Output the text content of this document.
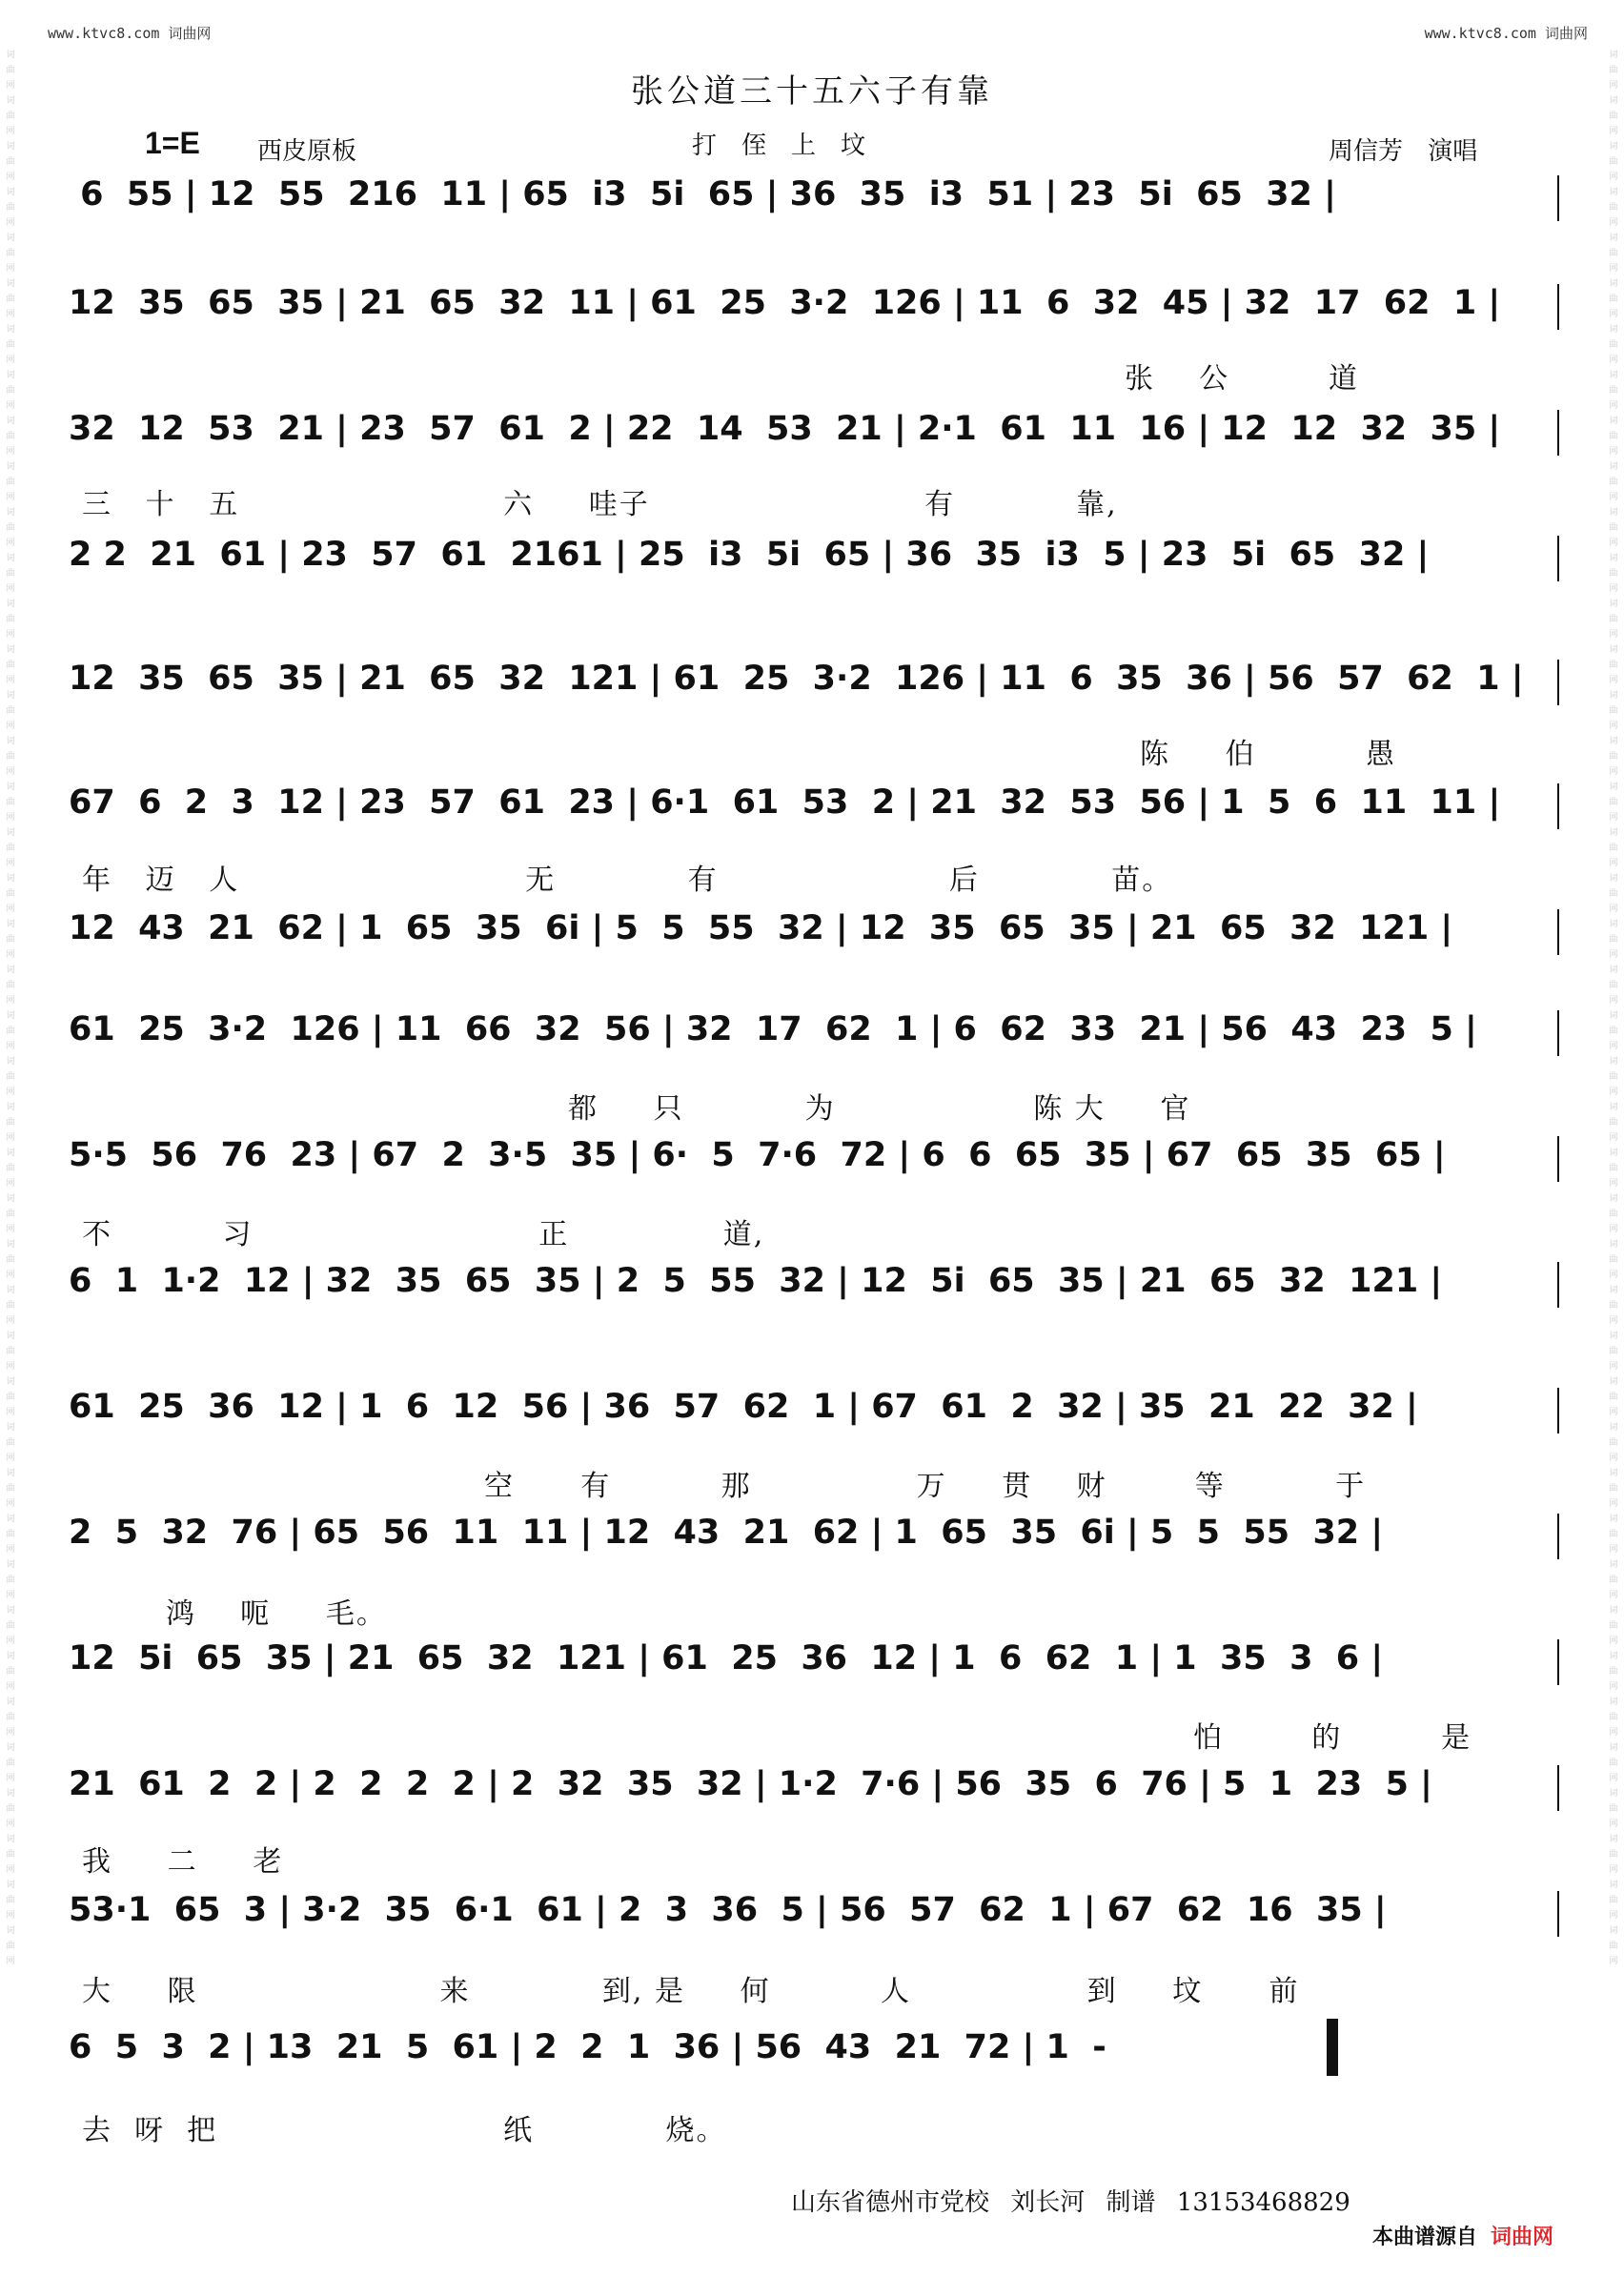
www.ktvc8.com 词曲网	www.ktvc8.com 词曲网
词曲网词曲网词曲网词曲网词曲网词曲网词曲网词曲网词曲网词曲网词曲网词曲网词曲网词曲网词曲网词曲网词曲网词曲网词曲网词曲网词曲网词曲网词曲网词曲网词曲网词曲网词曲网词曲网词曲网词曲网词曲网词曲网词曲网词曲网词曲网词曲网词曲网词曲网词曲网词曲网词曲网词曲网
词曲网词曲网词曲网词曲网词曲网词曲网词曲网词曲网词曲网词曲网词曲网词曲网词曲网词曲网词曲网词曲网词曲网词曲网词曲网词曲网词曲网词曲网词曲网词曲网词曲网词曲网词曲网词曲网词曲网词曲网词曲网词曲网词曲网词曲网词曲网词曲网词曲网词曲网词曲网词曲网词曲网词曲网
张公道三十五六子有靠
1=E 西皮原板	打侄上坟	周信芳 演唱
6  55 | 12  55  216  11 | 65  i3  5i  65 | 36  35  i3  51 | 23  5i  65  32 |
12  35  65  35 | 21  65  32  11 | 61  25  3·2  126 | 11  6  32  45 | 32  17  62  1 |
32  12  53  21 | 23  57  61  2 | 22  14  53  21 | 2·1  61  11  16 | 12  12  32  35 |
2 2  21  61 | 23  57  61  2161 | 25  i3  5i  65 | 36  35  i3  5 | 23  5i  65  32 |
12  35  65  35 | 21  65  32  121 | 61  25  3·2  126 | 11  6  35  36 | 56  57  62  1 |
67  6  2  3  12 | 23  57  61  23 | 6·1  61  53  2 | 21  32  53  56 | 1  5  6  11  11 |
12  43  21  62 | 1  65  35  6i | 5  5  55  32 | 12  35  65  35 | 21  65  32  121 |
61  25  3·2  126 | 11  66  32  56 | 32  17  62  1 | 6  62  33  21 | 56  43  23  5 |
5·5  56  76  23 | 67  2  3·5  35 | 6·  5  7·6  72 | 6  6  65  35 | 67  65  35  65 |
6  1  1·2  12 | 32  35  65  35 | 2  5  55  32 | 12  5i  65  35 | 21  65  32  121 |
61  25  36  12 | 1  6  12  56 | 36  57  62  1 | 67  61  2  32 | 35  21  22  32 |
2  5  32  76 | 65  56  11  11 | 12  43  21  62 | 1  65  35  6i | 5  5  55  32 |
12  5i  65  35 | 21  65  32  121 | 61  25  36  12 | 1  6  62  1 | 1  35  3  6 |
21  61  2  2 | 2  2  2  2 | 2  32  35  32 | 1·2  7·6 | 56  35  6  76 | 5  1  23  5 |
53·1  65  3 | 3·2  35  6·1  61 | 2  3  36  5 | 56  57  62  1 | 67  62  16  35 |
6  5  3  2 | 13  21  5  61 | 2  2  1  36 | 56  43  21  72 | 1  -
张    公         道
三   十   五                        六     哇子                         有           靠,
陈     伯          愚
年   迈   人                          无            有                     后            苗。
都     只           为                  陈 大     官
不          习                          正              道,
空      有          那               万     贯    财        等          于
鸿    呃     毛。
怕        的         是
我     二     老
大     限                      来            到, 是     何          人                到     坟      前
去  呀  把                          纸            烧。
山东省德州市党校 刘长河 制谱 13153468829
本曲谱源自 词曲网
